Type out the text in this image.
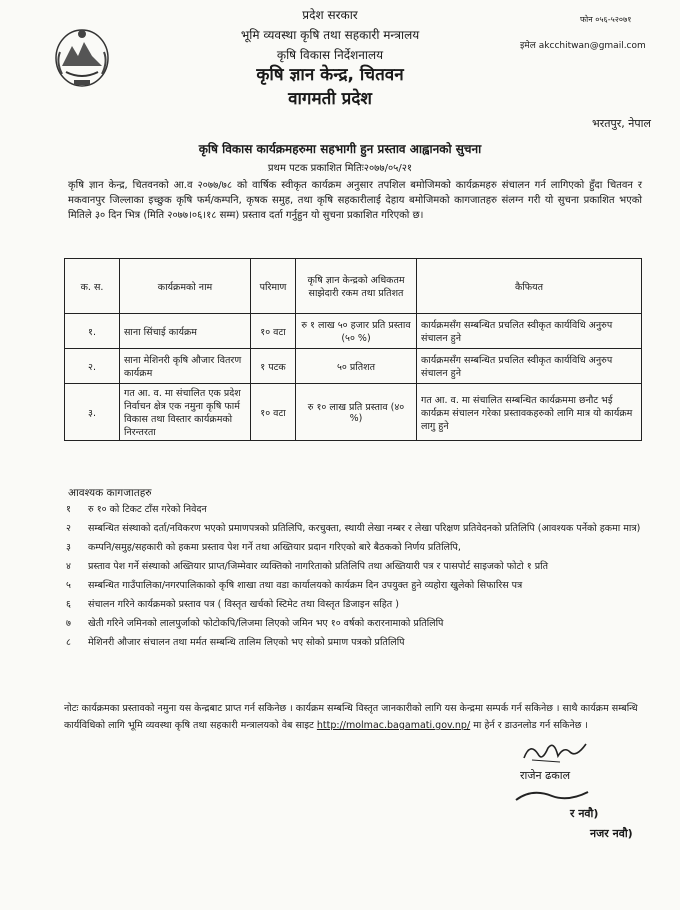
प्रदेश सरकार
भूमि व्यवस्था कृषि तथा सहकारी मन्त्रालय
कृषि विकास निर्देशनालय
कृषि ज्ञान केन्द्र, चितवन
वागमती प्रदेश
फोन ०५६-५२०७१
इमेल akcchitwan@gmail.com
भरतपुर, नेपाल
कृषि विकास कार्यक्रमहरुमा सहभागी हुन प्रस्ताव आह्वानको सुचना
प्रथम पटक प्रकाशित मितिः२०७७/०५/२१
कृषि ज्ञान केन्द्र, चितवनको आ.व २०७७/७८ को वार्षिक स्वीकृत कार्यक्रम अनुसार तपशिल बमोजिमको कार्यक्रमहरु संचालन गर्न लागिएको हुँदा चितवन र मकवानपुर जिल्लाका इच्छुक कृषि फर्म/कम्पनि, कृषक समुह, तथा कृषि सहकारीलाई देहाय बमोजिमको कागजातहरु संलग्न गरी यो सुचना प्रकाशित भएको मितिले ३० दिन भित्र (मिति २०७७।०६।१८ सम्म) प्रस्ताव दर्ता गर्नुहुन यो सुचना प्रकाशित गरिएको छ।
क. स.	कार्यक्रमको नाम	परिमाण	कृषि ज्ञान केन्द्रको अधिकतम साझेदारी रकम तथा प्रतिशत	कैफियत
१.	साना सिंचाई कार्यक्रम	१० वटा	रु १ लाख ५० हजार प्रति प्रस्ताव (५० %)	कार्यक्रमसँग सम्बन्धित प्रचलित स्वीकृत कार्यविधि अनुरुप संचालन हुने
२.	साना मेशिनरी कृषि औजार वितरण कार्यक्रम	१ पटक	५० प्रतिशत	कार्यक्रमसँग सम्बन्धित प्रचलित स्वीकृत कार्यविधि अनुरुप संचालन हुने
३.	गत आ. व. मा संचालित एक प्रदेश निर्वाचन क्षेत्र एक नमुना कृषि फार्म विकास तथा विस्तार कार्यक्रमको निरन्तरता	१० वटा	रु १० लाख प्रति प्रस्ताव (४० %)	गत आ. व. मा संचालित सम्बन्धित कार्यक्रममा छनौट भई कार्यक्रम संचालन गरेका प्रस्तावकहरुको लागि मात्र यो कार्यक्रम लागु हुने
आवश्यक कागजातहरु
१	रु १० को टिकट टाँस गरेको निवेदन
२	सम्बन्धित संस्थाको दर्ता/नविकरण भएको प्रमाणपत्रको प्रतिलिपि, करचुक्ता, स्थायी लेखा नम्बर र लेखा परिक्षण प्रतिवेदनको प्रतिलिपि (आवश्यक पर्नेको हकमा मात्र)
३	कम्पनि/समुह/सहकारी को हकमा प्रस्ताव पेश गर्ने तथा अख्तियार प्रदान गरिएको बारे बैठकको निर्णय प्रतिलिपि,
४	प्रस्ताव पेश गर्ने संस्थाको अख्तियार प्राप्त/जिम्मेवार व्यक्तिको नागरिताको प्रतिलिपि तथा अख्तियारी पत्र र पासपोर्ट साइजको फोटो १ प्रति
५	सम्बन्धित गाउँपालिका/नगरपालिकाको कृषि शाखा तथा वडा कार्यालयको कार्यक्रम दिन उपयुक्त हुने व्यहोरा खुलेको सिफारिस पत्र
६	संचालन गरिने कार्यक्रमको प्रस्ताव पत्र ( विस्तृत खर्चको स्टिमेट तथा विस्तृत डिजाइन सहित )
७	खेती गरिने जमिनको लालपुर्जाको फोटोकपि/लिजमा लिएको जमिन भए १० वर्षको करारनामाको प्रतिलिपि
८	मेशिनरी औजार संचालन तथा मर्मत सम्बन्धि तालिम लिएको भए सोको प्रमाण पत्रको प्रतिलिपि
नोटः कार्यक्रमका प्रस्तावको नमुना यस केन्द्रबाट प्राप्त गर्न सकिनेछ । कार्यक्रम सम्बन्धि विस्तृत जानकारीको लागि यस केन्द्रमा सम्पर्क गर्न सकिनेछ । साथै कार्यक्रम सम्बन्धि कार्यविधिको लागि भूमि व्यवस्था कृषि तथा सहकारी मन्त्रालयको वेब साइट http://molmac.bagamati.gov.np/ मा हेर्न र डाउनलोड गर्न सकिनेछ ।
राजेन ढकाल
र नवौ)
नजर नवौ)
